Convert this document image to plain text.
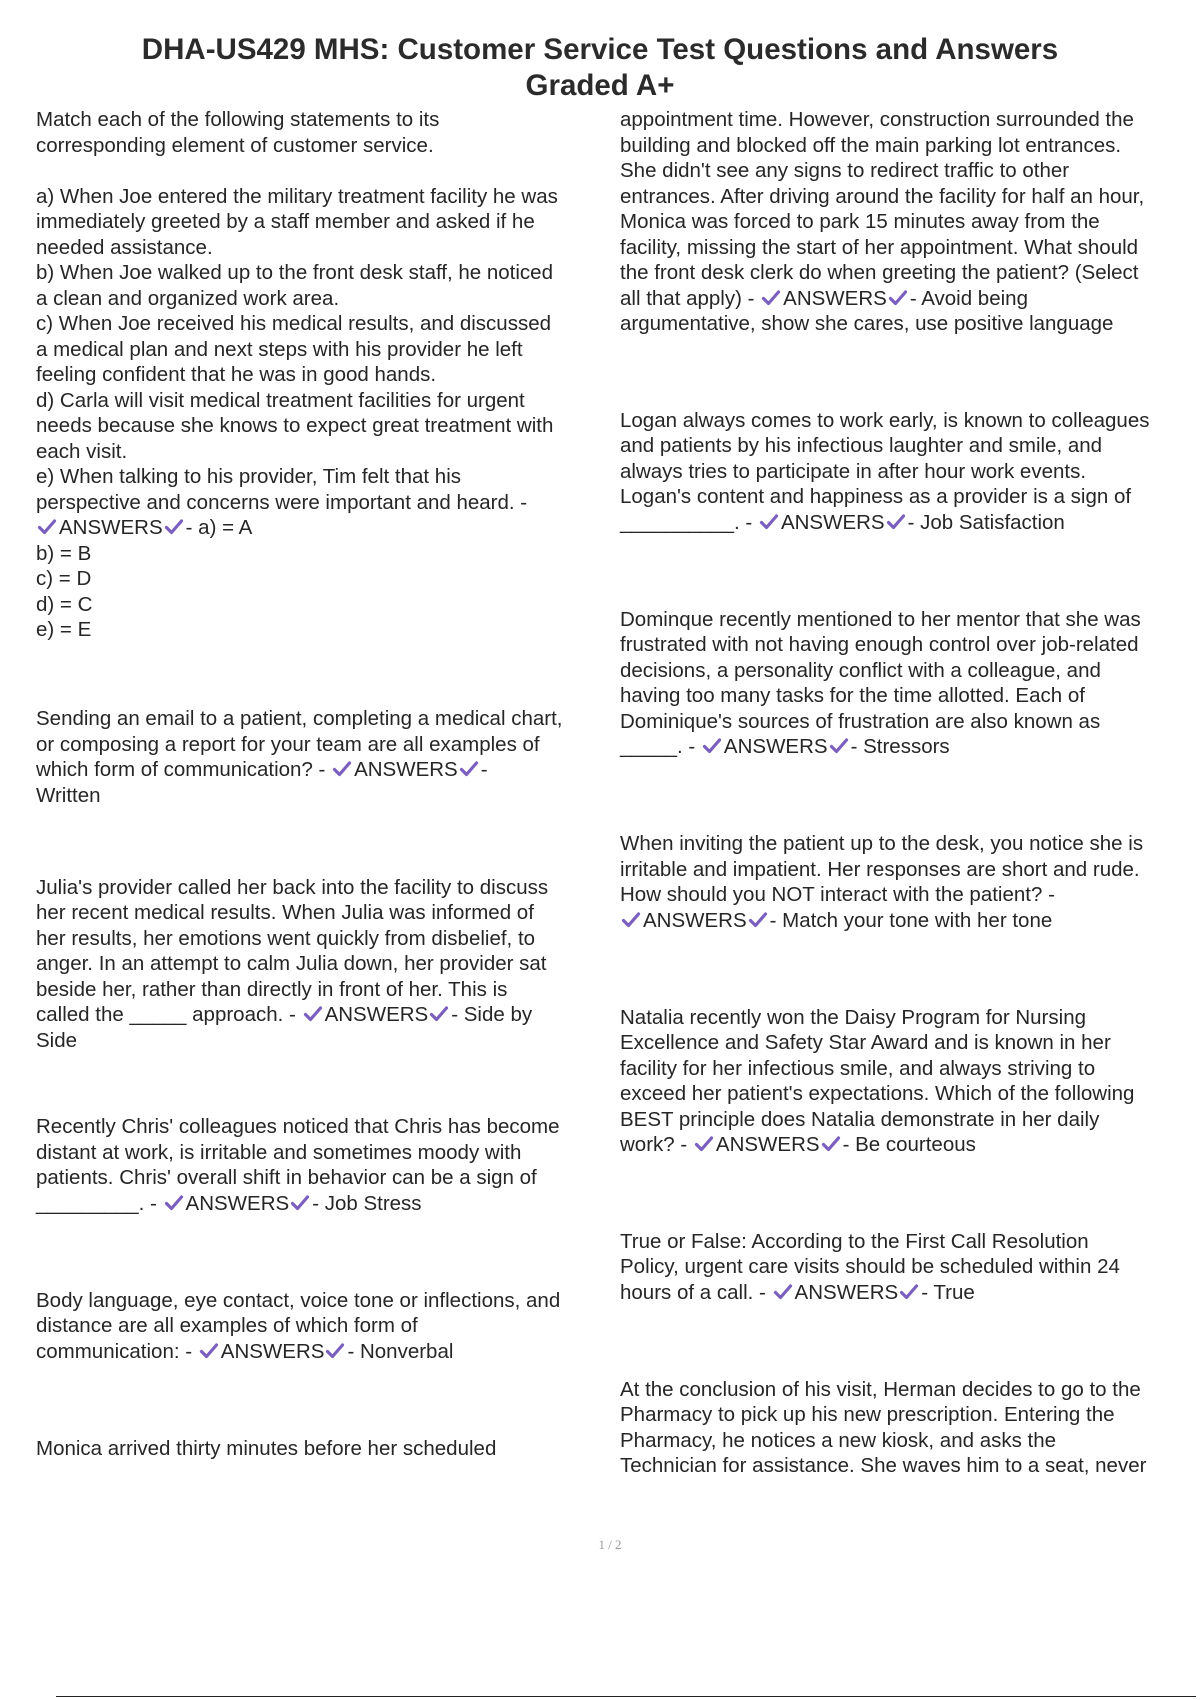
DHA-US429 MHS: Customer Service Test Questions and Answers
Graded A+
Match each of the following statements to its
corresponding element of customer service.

a) When Joe entered the military treatment facility he was
immediately greeted by a staff member and asked if he
needed assistance.
b) When Joe walked up to the front desk staff, he noticed
a clean and organized work area.
c) When Joe received his medical results, and discussed
a medical plan and next steps with his provider he left
feeling confident that he was in good hands.
d) Carla will visit medical treatment facilities for urgent
needs because she knows to expect great treatment with
each visit.
e) When talking to his provider, Tim felt that his
perspective and concerns were important and heard. -
ANSWERS - a) = A
b) = B
c) = D
d) = C
e) = E
Sending an email to a patient, completing a medical chart,
or composing a report for your team are all examples of
which form of communication? -
ANSWERS -
Written
Julia's provider called her back into the facility to discuss
her recent medical results. When Julia was informed of
her results, her emotions went quickly from disbelief, to
anger. In an attempt to calm Julia down, her provider sat
beside her, rather than directly in front of her. This is
called the _____ approach. -
ANSWERS - Side by
Side
Recently Chris' colleagues noticed that Chris has become
distant at work, is irritable and sometimes moody with
patients. Chris' overall shift in behavior can be a sign of
_________. -
ANSWERS - Job Stress
Body language, eye contact, voice tone or inflections, and
distance are all examples of which form of
communication: -
ANSWERS - Nonverbal
Monica arrived thirty minutes before her scheduled
appointment time. However, construction surrounded the
building and blocked off the main parking lot entrances.
She didn't see any signs to redirect traffic to other
entrances. After driving around the facility for half an hour,
Monica was forced to park 15 minutes away from the
facility, missing the start of her appointment. What should
the front desk clerk do when greeting the patient? (Select
all that apply) -
ANSWERS - Avoid being
argumentative, show she cares, use positive language
Logan always comes to work early, is known to colleagues
and patients by his infectious laughter and smile, and
always tries to participate in after hour work events.
Logan's content and happiness as a provider is a sign of
__________. -
ANSWERS - Job Satisfaction
Dominque recently mentioned to her mentor that she was
frustrated with not having enough control over job-related
decisions, a personality conflict with a colleague, and
having too many tasks for the time allotted. Each of
Dominique's sources of frustration are also known as
_____. -
ANSWERS - Stressors
When inviting the patient up to the desk, you notice she is
irritable and impatient. Her responses are short and rude.
How should you NOT interact with the patient? -
ANSWERS - Match your tone with her tone
Natalia recently won the Daisy Program for Nursing
Excellence and Safety Star Award and is known in her
facility for her infectious smile, and always striving to
exceed her patient's expectations. Which of the following
BEST principle does Natalia demonstrate in her daily
work? -
ANSWERS - Be courteous
True or False: According to the First Call Resolution
Policy, urgent care visits should be scheduled within 24
hours of a call. -
ANSWERS - True
At the conclusion of his visit, Herman decides to go to the
Pharmacy to pick up his new prescription. Entering the
Pharmacy, he notices a new kiosk, and asks the
Technician for assistance. She waves him to a seat, never
1 / 2
